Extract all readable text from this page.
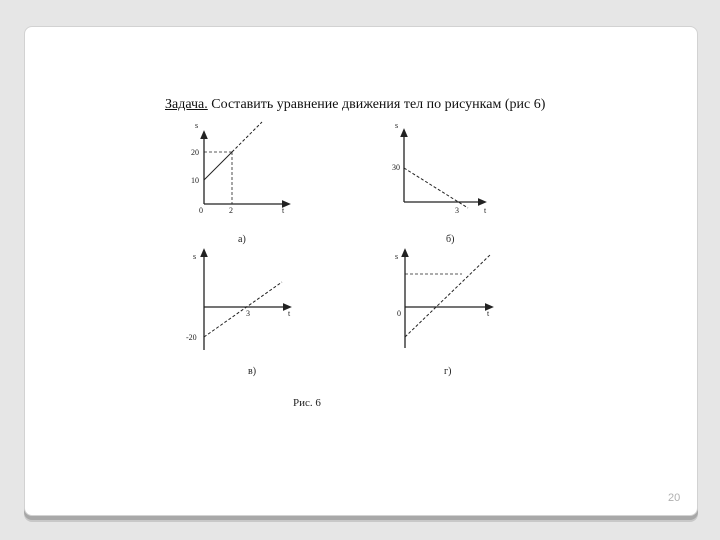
Задача. Составить уравнение движения тел по рисункам (рис 6)
s
t
20
10
0	2
а)
s
t
30
3
б)
s
t
3
-20
в)
s
t
0
г)
Рис. 6
20
